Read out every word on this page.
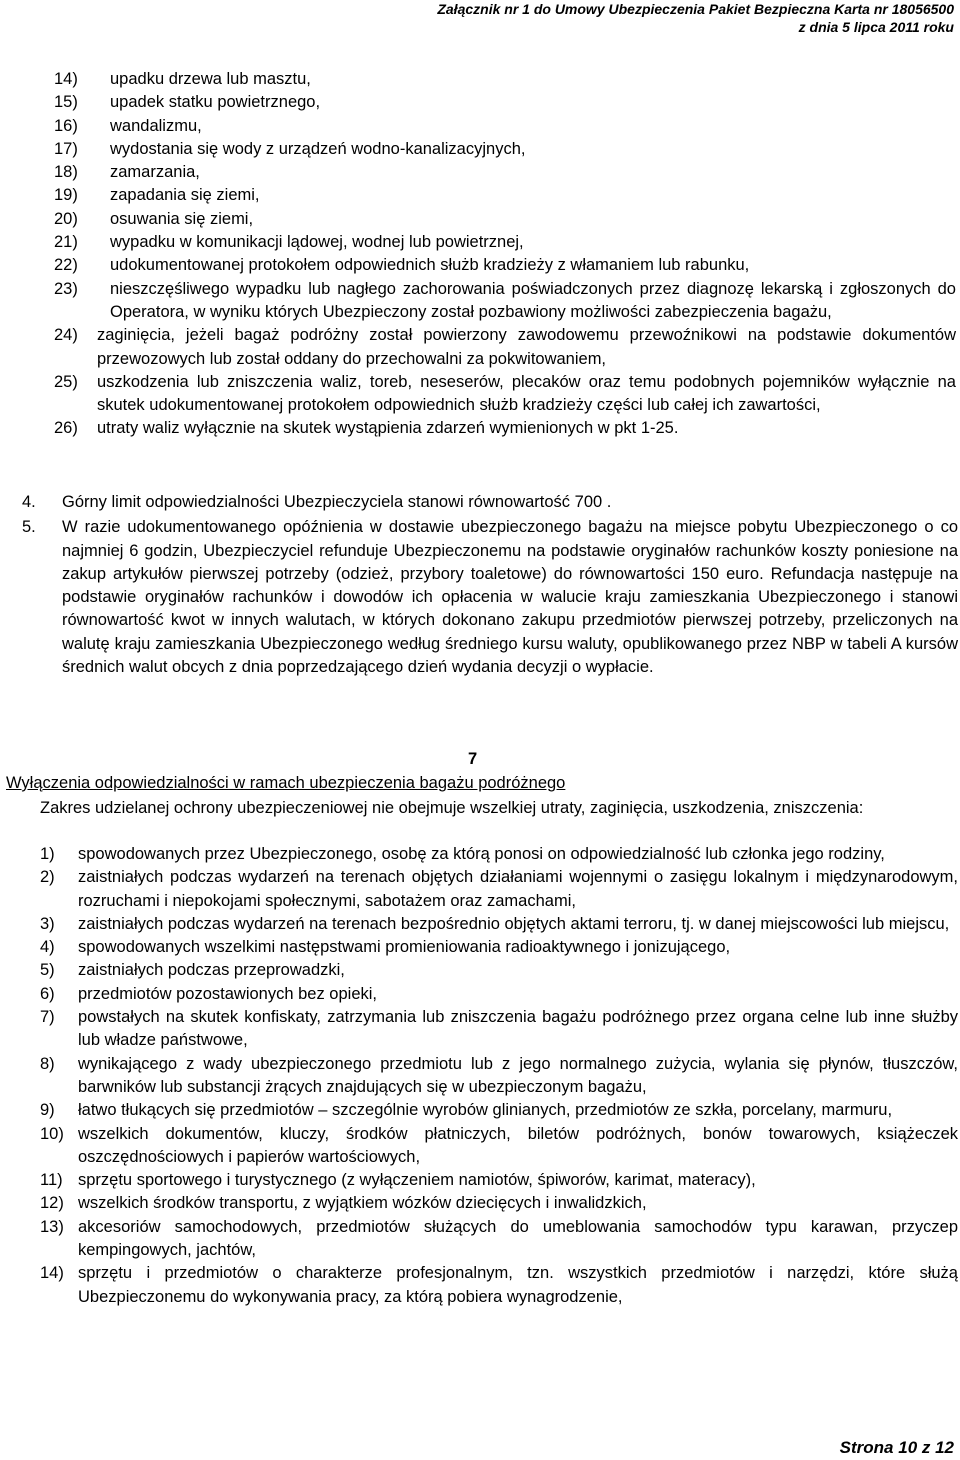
Załącznik nr 1 do Umowy Ubezpieczenia Pakiet Bezpieczna Karta nr 18056500
z dnia 5 lipca 2011 roku
14)	upadku drzewa lub masztu,
15)	upadek statku powietrznego,
16)	wandalizmu,
17)	wydostania się wody z urządzeń wodno-kanalizacyjnych,
18)	zamarzania,
19)	zapadania się ziemi,
20)	osuwania się ziemi,
21)	wypadku w komunikacji lądowej, wodnej lub powietrznej,
22)	udokumentowanej protokołem odpowiednich służb kradzieży z włamaniem lub rabunku,
23)	nieszczęśliwego wypadku lub nagłego zachorowania poświadczonych przez diagnozę lekarską i zgłoszonych do Operatora, w wyniku których Ubezpieczony został pozbawiony możliwości zabezpieczenia bagażu,
24)	zaginięcia, jeżeli bagaż podróżny został powierzony zawodowemu przewoźnikowi na podstawie dokumentów przewozowych lub został oddany do przechowalni za pokwitowaniem,
25)	uszkodzenia lub zniszczenia waliz, toreb, neseserów, plecaków oraz temu podobnych pojemników wyłącznie na skutek udokumentowanej protokołem odpowiednich służb kradzieży części lub całej ich zawartości,
26)	utraty waliz wyłącznie na skutek wystąpienia zdarzeń wymienionych w pkt 1-25.
4.	Górny limit odpowiedzialności Ubezpieczyciela stanowi równowartość 700 .
5.	W razie udokumentowanego opóźnienia w dostawie ubezpieczonego bagażu na miejsce pobytu Ubezpieczonego o co najmniej 6 godzin, Ubezpieczyciel refunduje Ubezpieczonemu na podstawie oryginałów rachunków koszty poniesione na zakup artykułów pierwszej potrzeby (odzież, przybory toaletowe) do równowartości 150 euro. Refundacja następuje na podstawie oryginałów rachunków i dowodów ich opłacenia w walucie kraju zamieszkania Ubezpieczonego i stanowi równowartość kwot w innych walutach, w których dokonano zakupu przedmiotów pierwszej potrzeby, przeliczonych na walutę kraju zamieszkania Ubezpieczonego według średniego kursu waluty, opublikowanego przez NBP w tabeli A kursów średnich walut obcych z dnia poprzedzającego dzień wydania decyzji o wypłacie.
7
Wyłączenia odpowiedzialności w ramach ubezpieczenia bagażu podróżnego
Zakres udzielanej ochrony ubezpieczeniowej nie obejmuje wszelkiej utraty, zaginięcia, uszkodzenia, zniszczenia:
1)	spowodowanych przez Ubezpieczonego, osobę za którą ponosi on odpowiedzialność lub członka jego rodziny,
2)	zaistniałych podczas wydarzeń na terenach objętych działaniami wojennymi o zasięgu lokalnym i międzynarodowym, rozruchami i niepokojami społecznymi, sabotażem oraz zamachami,
3)	zaistniałych podczas wydarzeń na terenach bezpośrednio objętych aktami terroru, tj. w danej miejscowości lub miejscu,
4)	spowodowanych wszelkimi następstwami promieniowania radioaktywnego i jonizującego,
5)	zaistniałych podczas przeprowadzki,
6)	przedmiotów pozostawionych bez opieki,
7)	powstałych na skutek konfiskaty, zatrzymania lub zniszczenia bagażu podróżnego przez organa celne lub inne służby lub władze państwowe,
8)	wynikającego z wady ubezpieczonego przedmiotu lub z jego normalnego zużycia, wylania się płynów, tłuszczów, barwników lub substancji żrących znajdujących się w ubezpieczonym bagażu,
9)	łatwo tłukących się przedmiotów – szczególnie wyrobów glinianych, przedmiotów ze szkła, porcelany, marmuru,
10) wszelkich dokumentów, kluczy, środków płatniczych, biletów podróżnych, bonów towarowych, książeczek oszczędnościowych i papierów wartościowych,
11) sprzętu sportowego i turystycznego (z wyłączeniem namiotów, śpiworów, karimat, materacy),
12) wszelkich środków transportu, z wyjątkiem wózków dziecięcych i inwalidzkich,
13) akcesoriów samochodowych, przedmiotów służących do umeblowania samochodów typu karawan, przyczep kempingowych, jachtów,
14) sprzętu i przedmiotów o charakterze profesjonalnym, tzn. wszystkich przedmiotów i narzędzi, które służą Ubezpieczonemu do wykonywania pracy, za którą pobiera wynagrodzenie,
Strona 10 z 12
